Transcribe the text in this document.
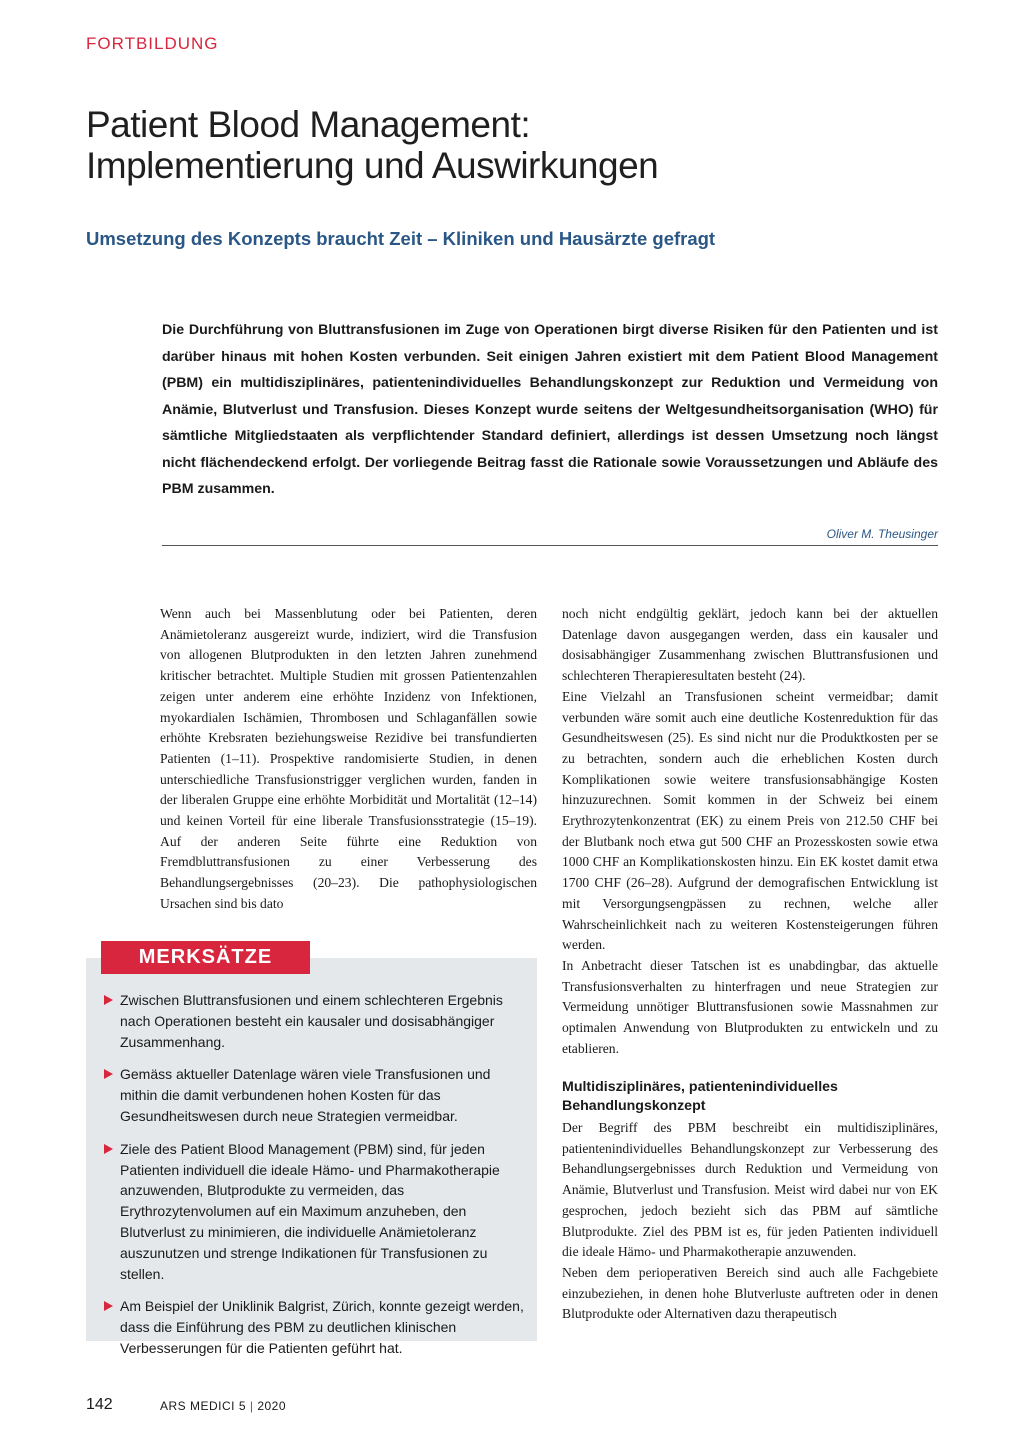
FORTBILDUNG
Patient Blood Management:
Implementierung und Auswirkungen
Umsetzung des Konzepts braucht Zeit – Kliniken und Hausärzte gefragt
Die Durchführung von Bluttransfusionen im Zuge von Operationen birgt diverse Risiken für den Patienten und ist darüber hinaus mit hohen Kosten verbunden. Seit einigen Jahren existiert mit dem Patient Blood Management (PBM) ein multidisziplinäres, patientenindividuelles Behandlungskonzept zur Reduktion und Vermeidung von Anämie, Blutverlust und Transfusion. Dieses Konzept wurde seitens der Weltgesundheitsorganisation (WHO) für sämtliche Mitgliedstaaten als verpflichtender Standard definiert, allerdings ist dessen Umsetzung noch längst nicht flächendeckend erfolgt. Der vorliegende Beitrag fasst die Rationale sowie Voraussetzungen und Abläufe des PBM zusammen.
Oliver M. Theusinger

Wenn auch bei Massenblutung oder bei Patienten, deren Anämietoleranz ausgereizt wurde, indiziert, wird die Transfusion von allogenen Blutprodukten in den letzten Jahren zunehmend kritischer betrachtet. Multiple Studien mit grossen Patientenzahlen zeigen unter anderem eine erhöhte Inzidenz von Infektionen, myokardialen Ischämien, Thrombosen und Schlaganfällen sowie erhöhte Krebsraten beziehungsweise Rezidive bei transfundierten Patienten (1–11). Prospektive randomisierte Studien, in denen unterschiedliche Transfusionstrigger verglichen wurden, fanden in der liberalen Gruppe eine erhöhte Morbidität und Mortalität (12–14) und keinen Vorteil für eine liberale Transfusionsstrategie (15–19). Auf der anderen Seite führte eine Reduktion von Fremdbluttransfusionen zu einer Verbesserung des Behandlungsergebnisses (20–23). Die pathophysiologischen Ursachen sind bis dato

noch nicht endgültig geklärt, jedoch kann bei der aktuellen Datenlage davon ausgegangen werden, dass ein kausaler und dosisabhängiger Zusammenhang zwischen Bluttransfusionen und schlechteren Therapieresultaten besteht (24).

Eine Vielzahl an Transfusionen scheint vermeidbar; damit verbunden wäre somit auch eine deutliche Kostenreduktion für das Gesundheitswesen (25). Es sind nicht nur die Produktkosten per se zu betrachten, sondern auch die erheblichen Kosten durch Komplikationen sowie weitere transfusionsabhängige Kosten hinzuzurechnen. Somit kommen in der Schweiz bei einem Erythrozytenkonzentrat (EK) zu einem Preis von 212.50 CHF bei der Blutbank noch etwa gut 500 CHF an Prozesskosten sowie etwa 1000 CHF an Komplikationskosten hinzu. Ein EK kostet damit etwa 1700 CHF (26–28). Aufgrund der demografischen Entwicklung ist mit Versorgungsengpässen zu rechnen, welche aller Wahrscheinlichkeit nach zu weiteren Kostensteigerungen führen werden.

In Anbetracht dieser Tatschen ist es unabdingbar, das aktuelle Transfusionsverhalten zu hinterfragen und neue Strategien zur Vermeidung unnötiger Bluttransfusionen sowie Massnahmen zur optimalen Anwendung von Blutprodukten zu entwickeln und zu etablieren.

Multidisziplinäres, patientenindividuelles Behandlungskonzept

Der Begriff des PBM beschreibt ein multidisziplinäres, patientenindividuelles Behandlungskonzept zur Verbesserung des Behandlungsergebnisses durch Reduktion und Vermeidung von Anämie, Blutverlust und Transfusion. Meist wird dabei nur von EK gesprochen, jedoch bezieht sich das PBM auf sämtliche Blutprodukte. Ziel des PBM ist es, für jeden Patienten individuell die ideale Hämo- und Pharmakotherapie anzuwenden.

Neben dem perioperativen Bereich sind auch alle Fachgebiete einzubeziehen, in denen hohe Blutverluste auftreten oder in denen Blutprodukte oder Alternativen dazu therapeutisch

MERKSÄTZE
Zwischen Bluttransfusionen und einem schlechteren Ergebnis nach Operationen besteht ein kausaler und dosisabhängiger Zusammenhang.
Gemäss aktueller Datenlage wären viele Transfusionen und mithin die damit verbundenen hohen Kosten für das Gesundheitswesen durch neue Strategien vermeidbar.
Ziele des Patient Blood Management (PBM) sind, für jeden Patienten individuell die ideale Hämo- und Pharmakotherapie anzuwenden, Blutprodukte zu vermeiden, das Erythrozytenvolumen auf ein Maximum anzuheben, den Blutverlust zu minimieren, die individuelle Anämietoleranz auszunutzen und strenge Indikationen für Transfusionen zu stellen.
Am Beispiel der Uniklinik Balgrist, Zürich, konnte gezeigt werden, dass die Einführung des PBM zu deutlichen klinischen Verbesserungen für die Patienten geführt hat.
142	ARS MEDICI 5 | 2020
